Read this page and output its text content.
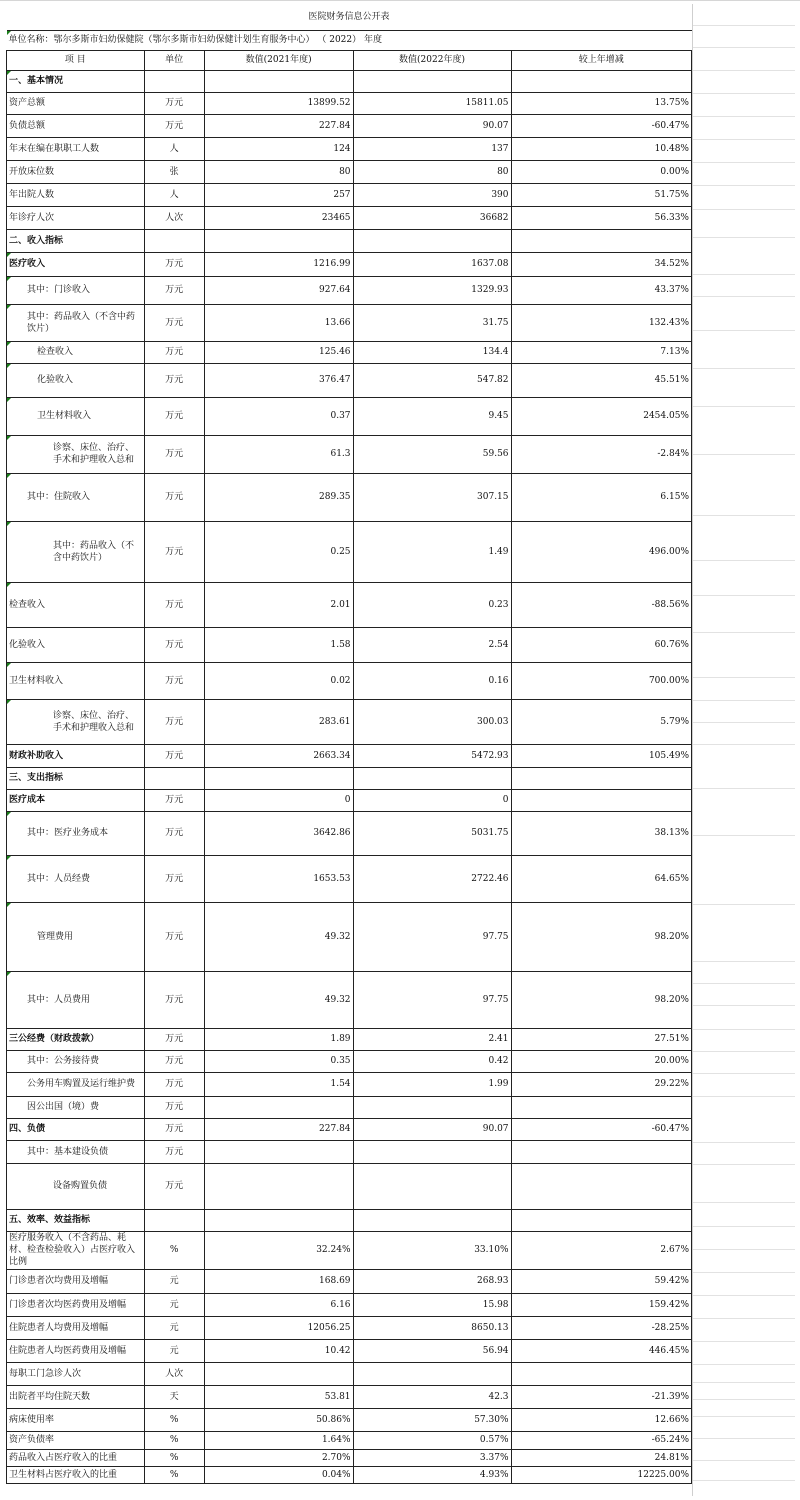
医院财务信息公开表				
单位名称：鄂尔多斯市妇幼保健院（鄂尔多斯市妇幼保健计划生育服务中心） （ 2022） 年度				
项 目	单位	数值(2021年度)	数值(2022年度)	较上年增减
一、基本情况				
资产总额	万元	13899.52	15811.05	13.75%
负债总额	万元	227.84	90.07	-60.47%
年末在编在职职工人数	人	124	137	10.48%
开放床位数	张	80	80	0.00%
年出院人数	人	257	390	51.75%
年诊疗人次	人次	23465	36682	56.33%
二、收入指标				
医疗收入	万元	1216.99	1637.08	34.52%
其中：门诊收入	万元	927.64	1329.93	43.37%
其中：药品收入（不含中药饮片）	万元	13.66	31.75	132.43%
检查收入	万元	125.46	134.4	7.13%
化验收入	万元	376.47	547.82	45.51%
卫生材料收入	万元	0.37	9.45	2454.05%
诊察、床位、治疗、手术和护理收入总和	万元	61.3	59.56	-2.84%
其中：住院收入	万元	289.35	307.15	6.15%
其中：药品收入（不含中药饮片）	万元	0.25	1.49	496.00%
检查收入	万元	2.01	0.23	-88.56%
化验收入	万元	1.58	2.54	60.76%
卫生材料收入	万元	0.02	0.16	700.00%
诊察、床位、治疗、手术和护理收入总和	万元	283.61	300.03	5.79%
财政补助收入	万元	2663.34	5472.93	105.49%
三、支出指标				
医疗成本	万元	0	0	
其中：医疗业务成本	万元	3642.86	5031.75	38.13%
其中：人员经费	万元	1653.53	2722.46	64.65%
管理费用	万元	49.32	97.75	98.20%
其中：人员费用	万元	49.32	97.75	98.20%
三公经费（财政拨款）	万元	1.89	2.41	27.51%
其中：公务接待费	万元	0.35	0.42	20.00%
公务用车购置及运行维护费	万元	1.54	1.99	29.22%
因公出国（境）费	万元			
四、负债	万元	227.84	90.07	-60.47%
其中：基本建设负债	万元			
设备购置负债	万元			
五、效率、效益指标				
医疗服务收入（不含药品、耗材、检查检验收入）占医疗收入比例	%	32.24%	33.10%	2.67%
门诊患者次均费用及增幅	元	168.69	268.93	59.42%
门诊患者次均医药费用及增幅	元	6.16	15.98	159.42%
住院患者人均费用及增幅	元	12056.25	8650.13	-28.25%
住院患者人均医药费用及增幅	元	10.42	56.94	446.45%
每职工门急诊人次	人次			
出院者平均住院天数	天	53.81	42.3	-21.39%
病床使用率	%	50.86%	57.30%	12.66%
资产负债率	%	1.64%	0.57%	-65.24%
药品收入占医疗收入的比重	%	2.70%	3.37%	24.81%
卫生材料占医疗收入的比重	%	0.04%	4.93%	12225.00%
